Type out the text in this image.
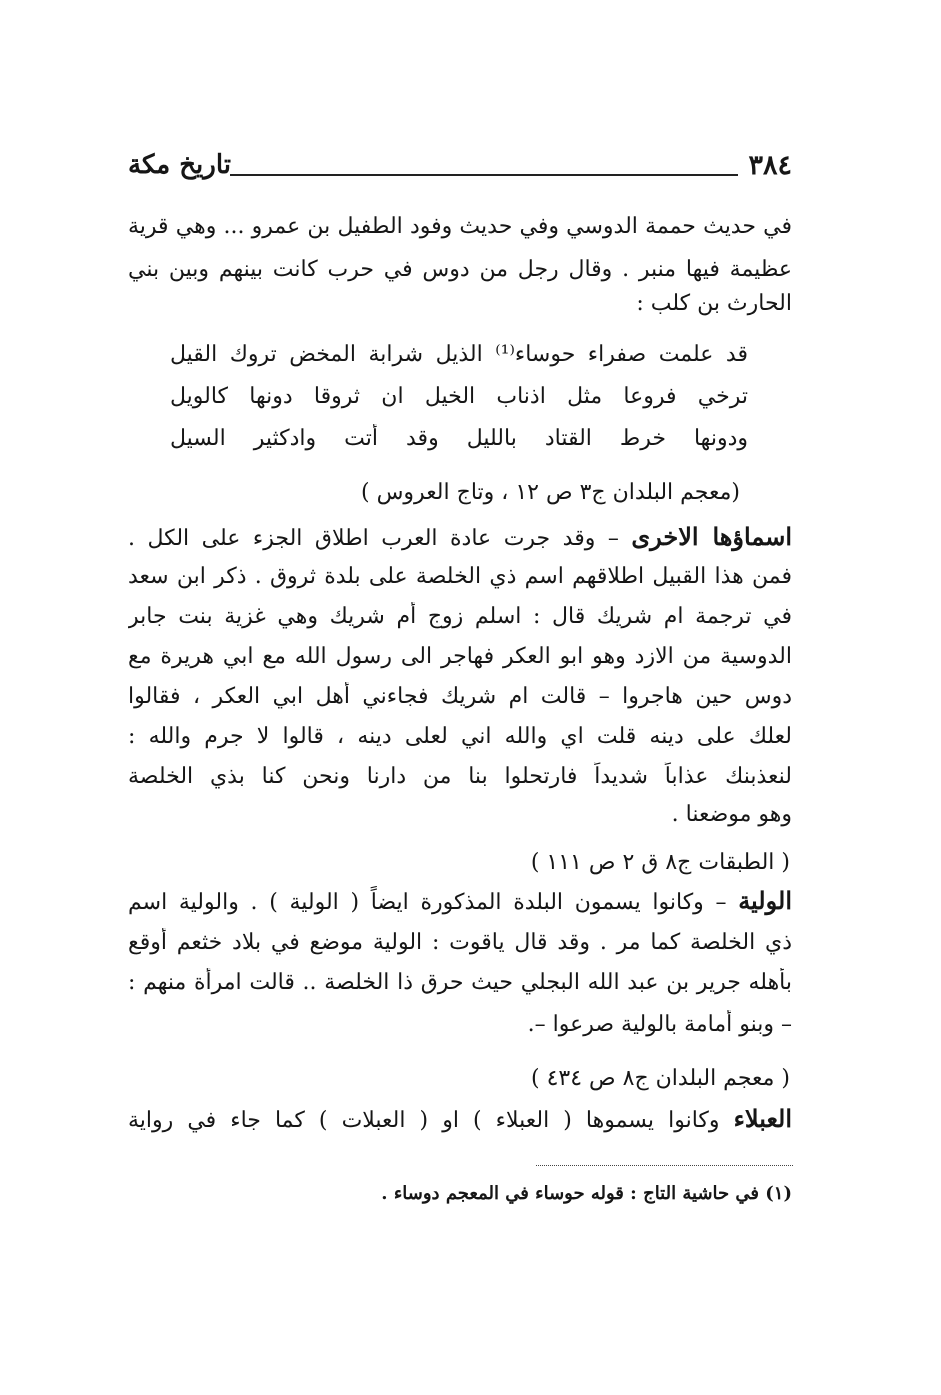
٣٨٤
تاريخ مكة
في حديث حممة الدوسي وفي حديث وفود الطفيل بن عمرو ... وهي قرية
عظيمة فيها منبر . وقال رجل من دوس في حرب كانت بينهم وبين بني
الحارث بن كلب :
قد علمت صفراء حوساء⁽¹⁾ الذيل شرابة المخض تروك القيل
ترخي فروعا مثل اذناب الخيل ان ثروقا دونها كالويل
ودونها خرط القتاد بالليل وقد أتت وادكثير السيل
(معجم البلدان ج٣ ص ١٢ ، وتاج العروس )
اسماؤها الاخرى – وقد جرت عادة العرب اطلاق الجزء على الكل .
فمن هذا القبيل اطلاقهم اسم ذي الخلصة على بلدة ثروق . ذكر ابن سعد
في ترجمة ام شريك قال : اسلم زوج أم شريك وهي غزية بنت جابر
الدوسية من الازد وهو ابو العكر فهاجر الى رسول الله مع ابي هريرة مع
دوس حين هاجروا – قالت ام شريك فجاءني أهل ابي العكر ، فقالوا
لعلك على دينه قلت اي والله اني لعلى دينه ، قالوا لا جرم والله :
لنعذبنك عذاباً شديداً فارتحلوا بنا من دارنا ونحن كنا بذي الخلصة
وهو موضعنا .
( الطبقات ج٨ ق ٢ ص ١١١ )
الولية – وكانوا يسمون البلدة المذكورة ايضاً ( الولية ) . والولية اسم
ذي الخلصة كما مر . وقد قال ياقوت : الولية موضع في بلاد خثعم أوقع
بأهله جرير بن عبد الله البجلي حيث حرق ذا الخلصة .. قالت امرأة منهم :
– وبنو أمامة بالولية صرعوا –.
( معجم البلدان ج٨ ص ٤٣٤ )
العبلاء وكانوا يسموها ( العبلاء ) او ( العبلات ) كما جاء في رواية
(١) في حاشية التاج : قوله حوساء في المعجم دوساء .
